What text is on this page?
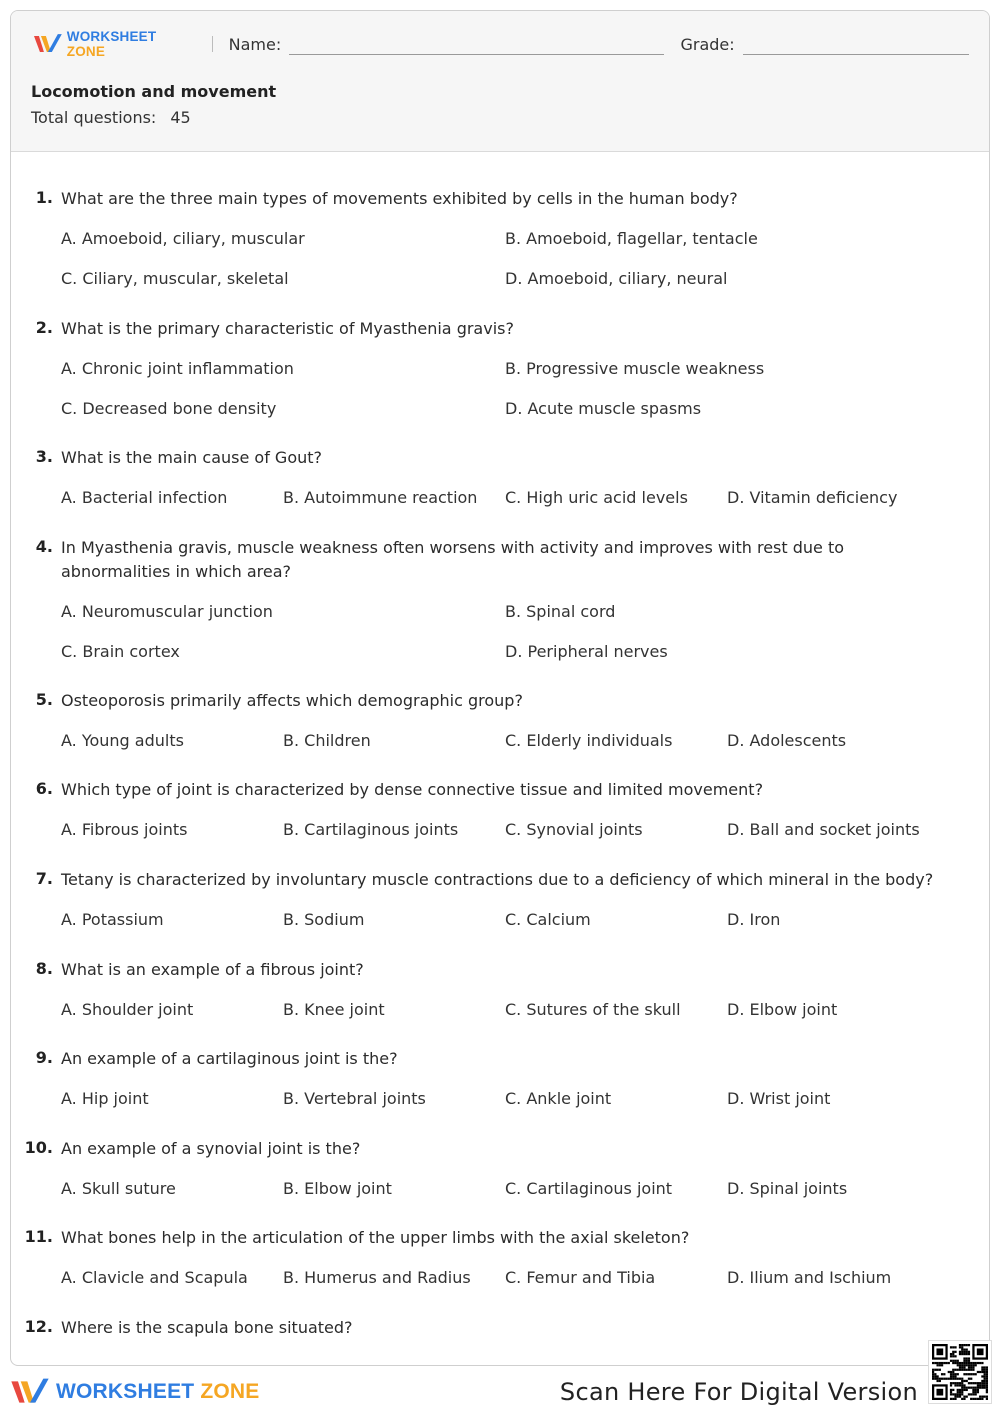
WORKSHEET ZONE	Name:	Grade:
Locomotion and movement
Total questions: 45
1. What are the three main types of movements exhibited by cells in the human body?
A. Amoeboid, ciliary, muscular	B. Amoeboid, flagellar, tentacle
C. Ciliary, muscular, skeletal	D. Amoeboid, ciliary, neural
2. What is the primary characteristic of Myasthenia gravis?
A. Chronic joint inflammation	B. Progressive muscle weakness
C. Decreased bone density	D. Acute muscle spasms
3. What is the main cause of Gout?
A. Bacterial infection	B. Autoimmune reaction C. High uric acid levels D. Vitamin deficiency
4. In Myasthenia gravis, muscle weakness often worsens with activity and improves with rest due to abnormalities in which area?
A. Neuromuscular junction	B. Spinal cord
C. Brain cortex	D. Peripheral nerves
5. Osteoporosis primarily affects which demographic group?
A. Young adults	B. Children	C. Elderly individuals	D. Adolescents
6. Which type of joint is characterized by dense connective tissue and limited movement?
A. Fibrous joints	B. Cartilaginous joints	C. Synovial joints	D. Ball and socket joints
7. Tetany is characterized by involuntary muscle contractions due to a deficiency of which mineral in the body?
A. Potassium	B. Sodium	C. Calcium	D. Iron
8. What is an example of a fibrous joint?
A. Shoulder joint	B. Knee joint	C. Sutures of the skull	D. Elbow joint
9. An example of a cartilaginous joint is the?
A. Hip joint	B. Vertebral joints	C. Ankle joint	D. Wrist joint
10. An example of a synovial joint is the?
A. Skull suture	B. Elbow joint	C. Cartilaginous joint	D. Spinal joints
11. What bones help in the articulation of the upper limbs with the axial skeleton?
A. Clavicle and Scapula B. Humerus and Radius C. Femur and Tibia	D. Ilium and Ischium
12. Where is the scapula bone situated?
WORKSHEET ZONE	Scan Here For Digital Version
